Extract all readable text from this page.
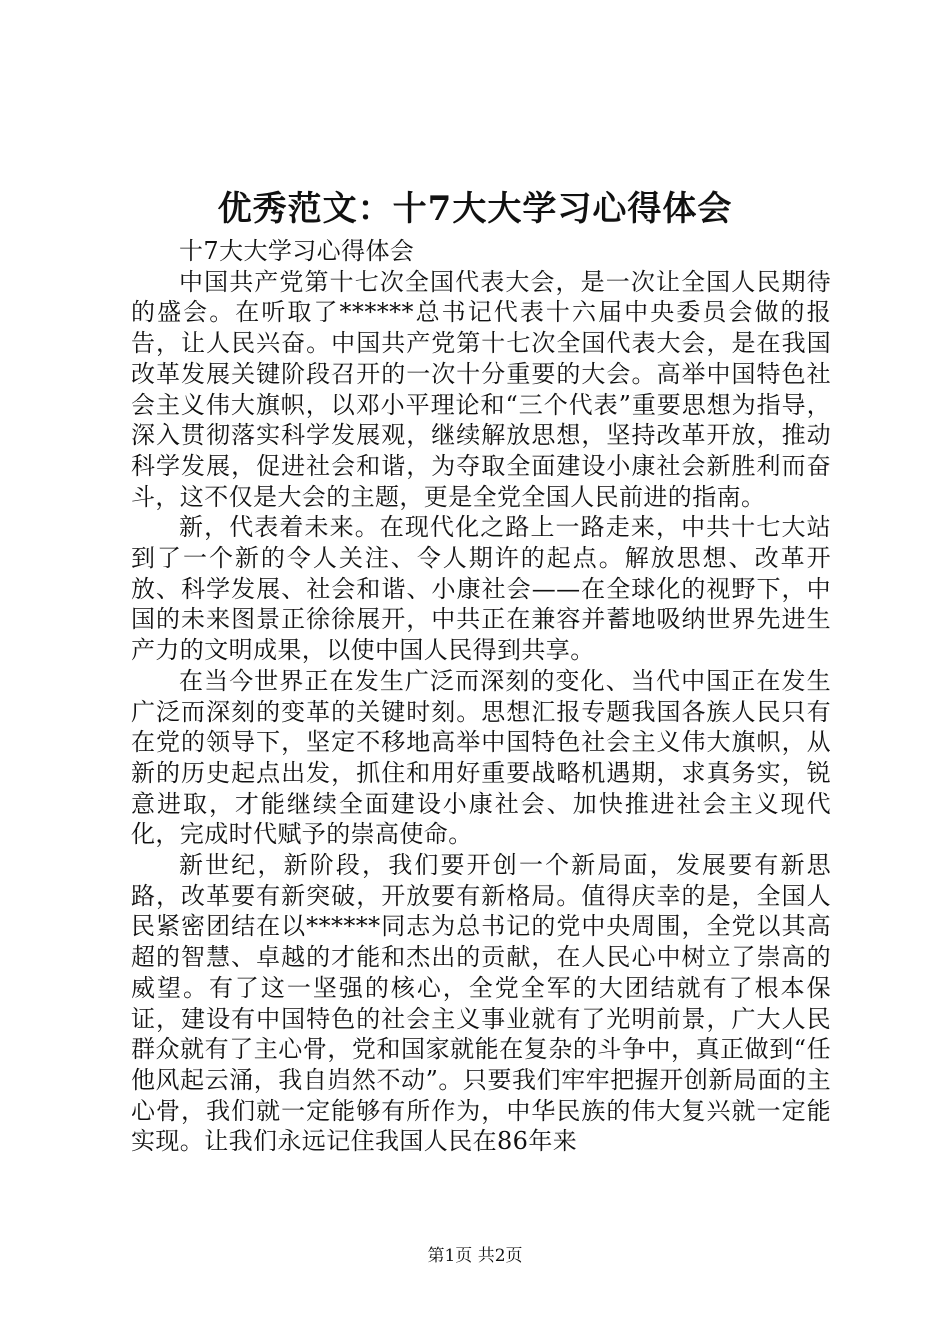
优秀范文：十7大大学习心得体会

十7大大学习心得体会

中国共产党第十七次全国代表大会，是一次让全国人民期待的盛会。在听取了******总书记代表十六届中央委员会做的报告，让人民兴奋。中国共产党第十七次全国代表大会，是在我国改革发展关键阶段召开的一次十分重要的大会。高举中国特色社会主义伟大旗帜，以邓小平理论和“三个代表”重要思想为指导，深入贯彻落实科学发展观，继续解放思想，坚持改革开放，推动科学发展，促进社会和谐，为夺取全面建设小康社会新胜利而奋斗，这不仅是大会的主题，更是全党全国人民前进的指南。

新，代表着未来。在现代化之路上一路走来，中共十七大站到了一个新的令人关注、令人期许的起点。解放思想、改革开放、科学发展、社会和谐、小康社会——在全球化的视野下，中国的未来图景正徐徐展开，中共正在兼容并蓄地吸纳世界先进生产力的文明成果，以使中国人民得到共享。

在当今世界正在发生广泛而深刻的变化、当代中国正在发生广泛而深刻的变革的关键时刻。思想汇报专题我国各族人民只有在党的领导下，坚定不移地高举中国特色社会主义伟大旗帜，从新的历史起点出发，抓住和用好重要战略机遇期，求真务实，锐意进取，才能继续全面建设小康社会、加快推进社会主义现代化，完成时代赋予的崇高使命。

新世纪，新阶段，我们要开创一个新局面，发展要有新思路，改革要有新突破，开放要有新格局。值得庆幸的是，全国人民紧密团结在以******同志为总书记的党中央周围，全党以其高超的智慧、卓越的才能和杰出的贡献，在人民心中树立了崇高的威望。有了这一坚强的核心，全党全军的大团结就有了根本保证，建设有中国特色的社会主义事业就有了光明前景，广大人民群众就有了主心骨，党和国家就能在复杂的斗争中，真正做到“任他风起云涌，我自岿然不动”。只要我们牢牢把握开创新局面的主心骨，我们就一定能够有所作为，中华民族的伟大复兴就一定能实现。让我们永远记住我国人民在86年来

第1页 共2页
